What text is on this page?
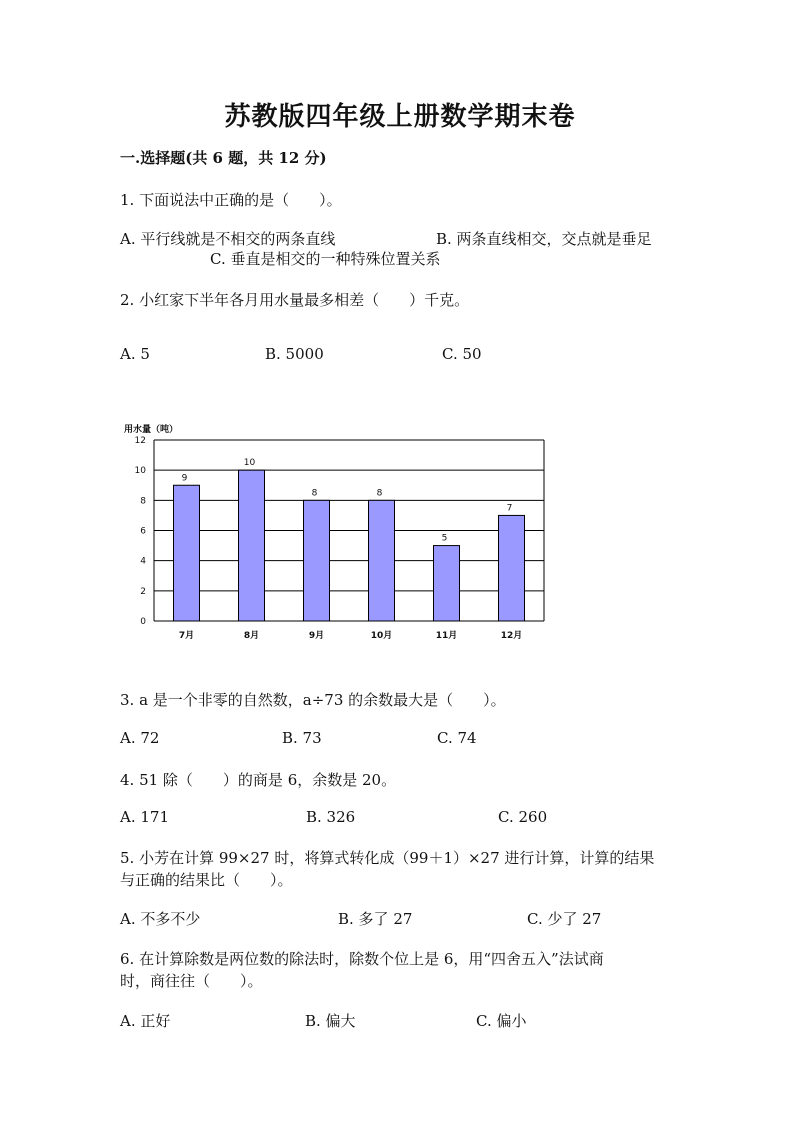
苏教版四年级上册数学期末卷
一.选择题(共 6 题，共 12 分)
1. 下面说法中正确的是（　　）。
A. 平行线就是不相交的两条直线	B. 两条直线相交，交点就是垂足
C. 垂直是相交的一种特殊位置关系
2. 小红家下半年各月用水量最多相差（　　）千克。
A. 5	B. 5000	C. 50
用水量（吨）
0
2
4
6
8
10
12
9
7月
10
8月
8
9月
8
10月
5
11月
7
12月
3. a 是一个非零的自然数，a÷73 的余数最大是（　　）。
A. 72	B. 73	C. 74
4. 51 除（　　）的商是 6，余数是 20。
A. 171	B. 326	C. 260
5. 小芳在计算 99×27 时，将算式转化成（99＋1）×27 进行计算，计算的结果
与正确的结果比（　　）。
A. 不多不少	B. 多了 27	C. 少了 27
6. 在计算除数是两位数的除法时，除数个位上是 6，用“四舍五入”法试商
时，商往往（　　）。
A. 正好	B. 偏大	C. 偏小
